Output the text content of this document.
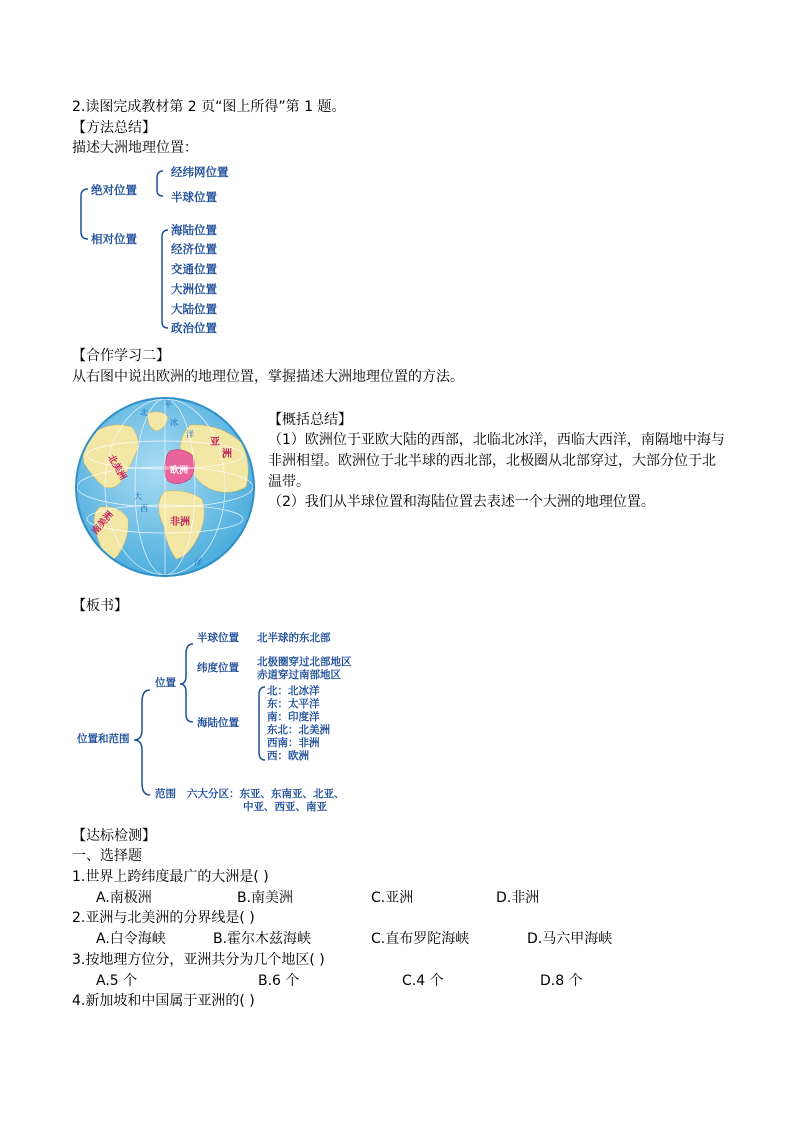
2.读图完成教材第 2 页“图上所得”第 1 题。
【方法总结】
描述大洲地理位置：
绝对位置
经纬网位置
半球位置
相对位置
海陆位置
经济位置
交通位置
大洲位置
大陆位置
政治位置
【合作学习二】
从右图中说出欧洲的地理位置，掌握描述大洲地理位置的方法。
北美洲
亚
洲
欧洲
非洲
南美洲
大
西
洋
北
冰
洋
平
【概括总结】
（1）欧洲位于亚欧大陆的西部，北临北冰洋，西临大西洋，南隔地中海与非洲相望。欧洲位于北半球的西北部，北极圈从北部穿过，大部分位于北温带。
（2）我们从半球位置和海陆位置去表述一个大洲的地理位置。
【板书】
位置和范围
位置
半球位置 北半球的东北部
纬度位置 北极圈穿过北部地区
赤道穿过南部地区
海陆位置
北：北冰洋
东：太平洋
南：印度洋
东北：北美洲
西南：非洲
西：欧洲
范围 六大分区：东亚、东南亚、北亚、
中亚、西亚、南亚
【达标检测】
一、选择题
1.世界上跨纬度最广的大洲是( )
A.南极洲	B.南美洲	C.亚洲	D.非洲
2.亚洲与北美洲的分界线是( )
A.白令海峡	B.霍尔木兹海峡	C.直布罗陀海峡	D.马六甲海峡
3.按地理方位分，亚洲共分为几个地区( )
A.5 个	B.6 个	C.4 个	D.8 个
4.新加坡和中国属于亚洲的( )
